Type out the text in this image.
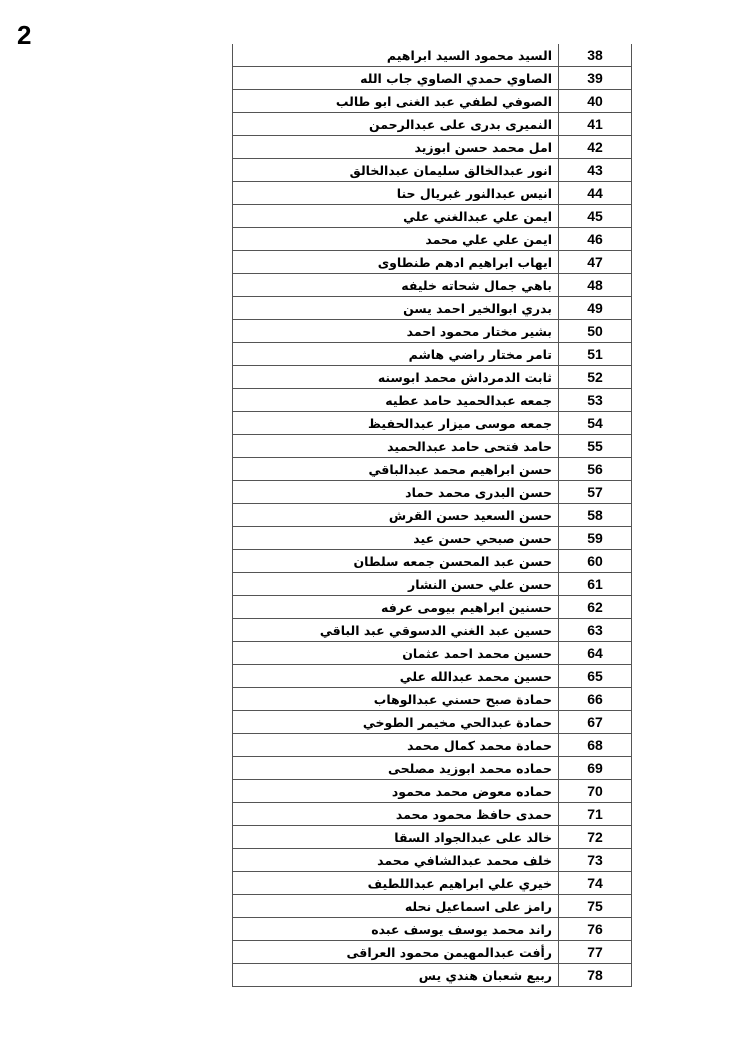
2
السيد محمود السيد ابراهيم	38
الصاوي حمدي الصاوي جاب الله	39
الصوفي لطفي عبد الغنى ابو طالب	40
النميرى بدرى على عبدالرحمن	41
امل محمد حسن ابوزيد	42
انور عبدالخالق سليمان عبدالخالق	43
انيس عبدالنور غبريال حنا	44
ايمن علي عبدالغني علي	45
ايمن علي علي محمد	46
ايهاب ابراهيم ادهم طنطاوى	47
باهي جمال شحاته خليفه	48
بدري ابوالخير احمد يسن	49
بشير مختار محمود احمد	50
تامر مختار راضي هاشم	51
ثابت الدمرداش محمد ابوسنه	52
جمعه عبدالحميد حامد عطيه	53
جمعه موسى ميزار عبدالحفيظ	54
حامد فتحى حامد عبدالحميد	55
حسن ابراهيم محمد عبدالباقي	56
حسن البدرى محمد حماد	57
حسن السعيد حسن القرش	58
حسن صبحي حسن عيد	59
حسن عبد المحسن جمعه سلطان	60
حسن علي حسن النشار	61
حسنين ابراهيم بيومى عرفه	62
حسين عبد الغني الدسوقي عبد الباقي	63
حسين محمد احمد عثمان	64
حسين محمد عبدالله علي	65
حمادة صبح حسني عبدالوهاب	66
حمادة عبدالحي مخيمر الطوخي	67
حمادة محمد كمال محمد	68
حماده محمد ابوزيد مصلحى	69
حماده معوض محمد محمود	70
حمدى حافظ محمود محمد	71
خالد على عبدالجواد السقا	72
خلف محمد عبدالشافي محمد	73
خيري علي ابراهيم عبداللطيف	74
رامز على اسماعيل نحله	75
راند محمد يوسف يوسف عبده	76
رأفت عبدالمهيمن محمود العراقى	77
ربيع شعبان هندي يس	78
